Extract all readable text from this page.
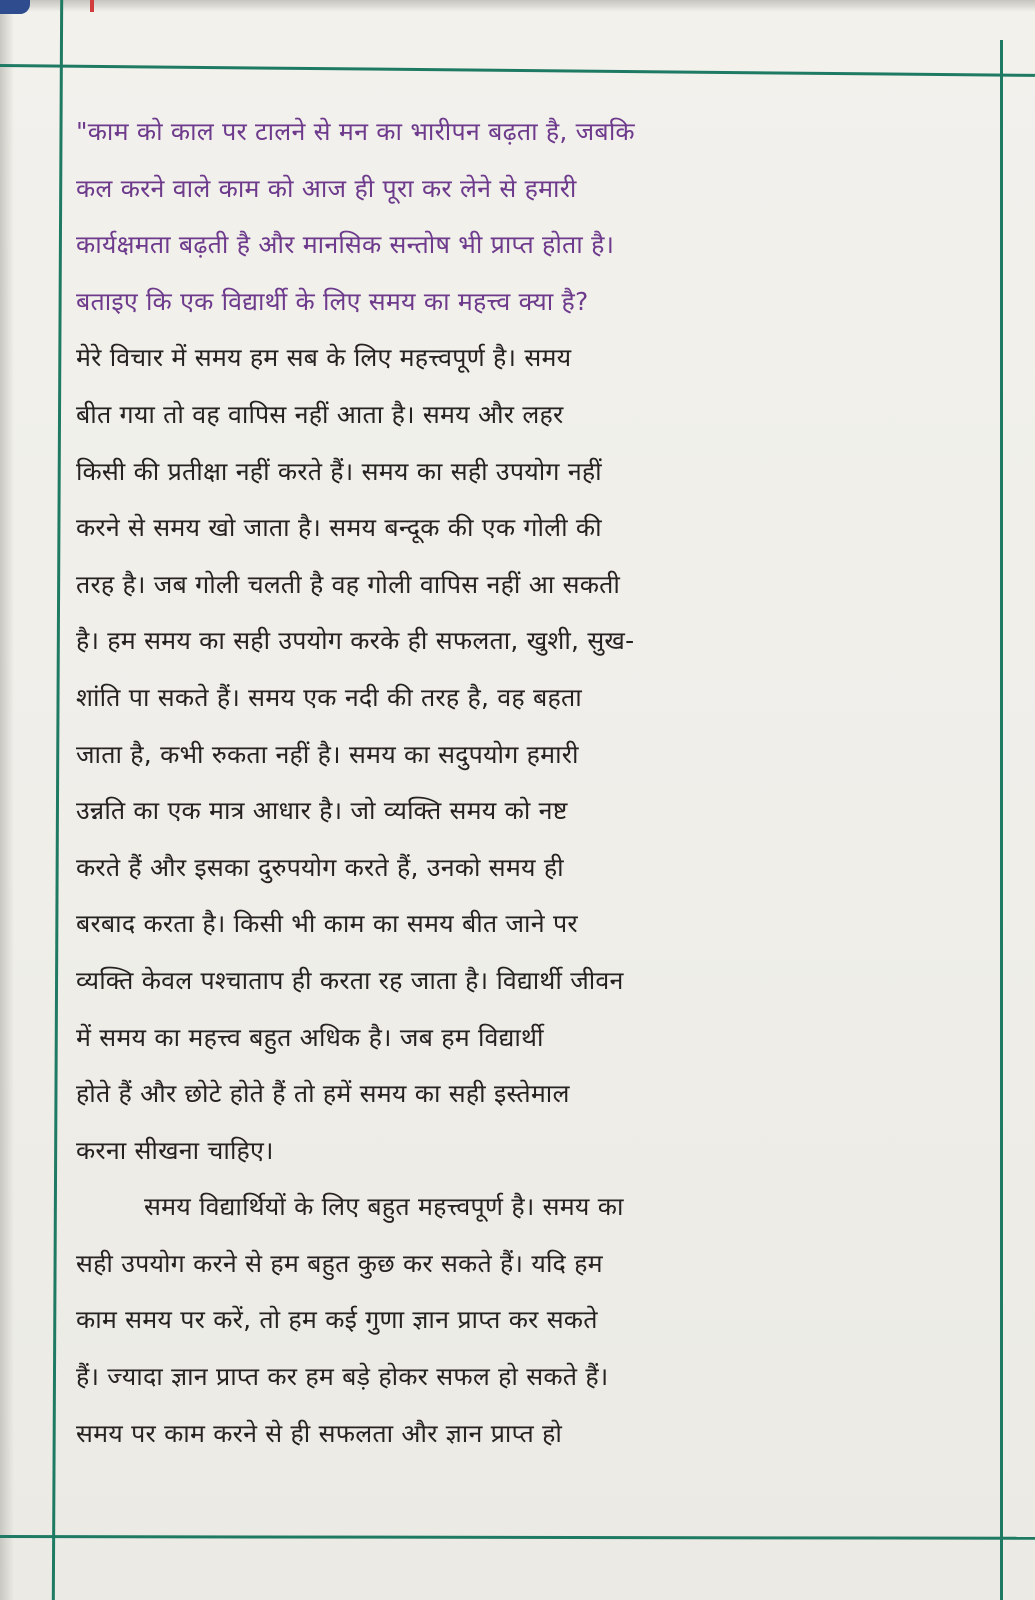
"काम को काल पर टालने से मन का भारीपन बढ़ता है, जबकि
कल करने वाले काम को आज ही पूरा कर लेने से हमारी
कार्यक्षमता बढ़ती है और मानसिक सन्तोष भी प्राप्त होता है।
बताइए कि एक विद्यार्थी के लिए समय का महत्त्व क्या है?
मेरे विचार में समय हम सब के लिए महत्त्वपूर्ण है। समय
बीत गया तो वह वापिस नहीं आता है। समय और लहर
किसी की प्रतीक्षा नहीं करते हैं। समय का सही उपयोग नहीं
करने से समय खो जाता है। समय बन्दूक की एक गोली की
तरह है। जब गोली चलती है वह गोली वापिस नहीं आ सकती
है। हम समय का सही उपयोग करके ही सफलता, खुशी, सुख-
शांति पा सकते हैं। समय एक नदी की तरह है, वह बहता
जाता है, कभी रुकता नहीं है। समय का सदुपयोग हमारी
उन्नति का एक मात्र आधार है। जो व्यक्ति समय को नष्ट
करते हैं और इसका दुरुपयोग करते हैं, उनको समय ही
बरबाद करता है। किसी भी काम का समय बीत जाने पर
व्यक्ति केवल पश्चाताप ही करता रह जाता है। विद्यार्थी जीवन
में समय का महत्त्व बहुत अधिक है। जब हम विद्यार्थी
होते हैं और छोटे होते हैं तो हमें समय का सही इस्तेमाल
करना सीखना चाहिए।
समय विद्यार्थियों के लिए बहुत महत्त्वपूर्ण है। समय का
सही उपयोग करने से हम बहुत कुछ कर सकते हैं। यदि हम
काम समय पर करें, तो हम कई गुणा ज्ञान प्राप्त कर सकते
हैं। ज्यादा ज्ञान प्राप्त कर हम बड़े होकर सफल हो सकते हैं।
समय पर काम करने से ही सफलता और ज्ञान प्राप्त हो
